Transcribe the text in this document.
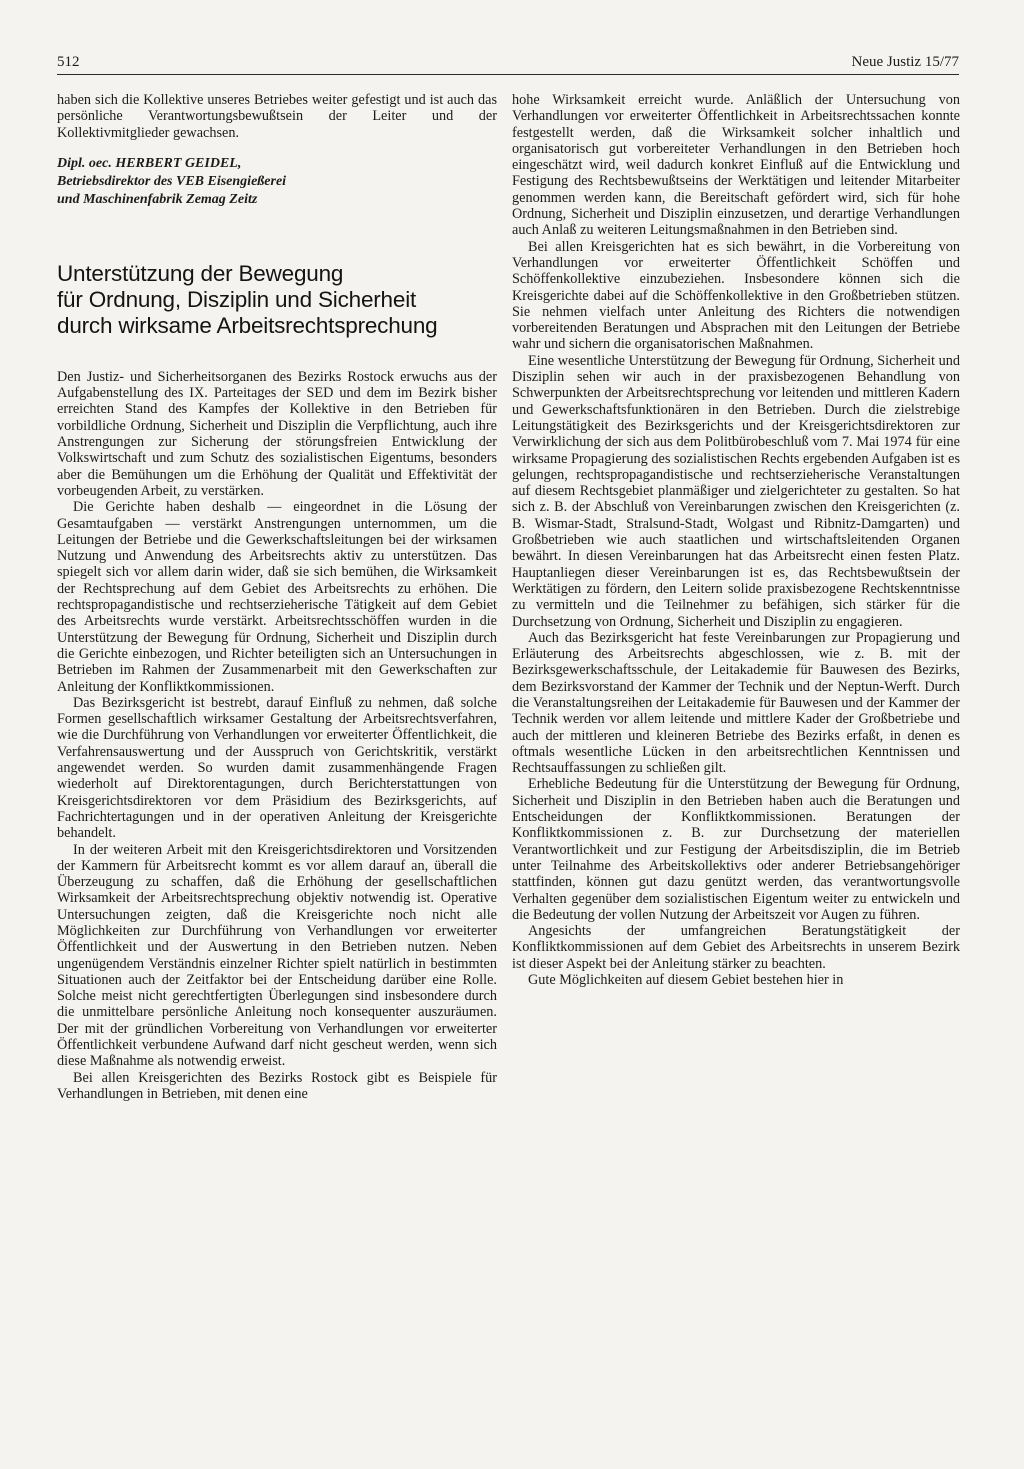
512	Neue Justiz 15/77

haben sich die Kollektive unseres Betriebes weiter gefestigt und ist auch das persönliche Verantwortungsbewußtsein der Leiter und der Kollektivmitglieder gewachsen.

Dipl. oec. HERBERT GEIDEL,
Betriebsdirektor des VEB Eisengießerei
und Maschinenfabrik Zemag Zeitz
Unterstützung der Bewegung
für Ordnung, Disziplin und Sicherheit
durch wirksame Arbeitsrechtsprechung

Den Justiz- und Sicherheitsorganen des Bezirks Rostock erwuchs aus der Aufgabenstellung des IX. Parteitages der SED und dem im Bezirk bisher erreichten Stand des Kampfes der Kollektive in den Betrieben für vorbildliche Ordnung, Sicherheit und Disziplin die Verpflichtung, auch ihre Anstrengungen zur Sicherung der störungsfreien Entwicklung der Volkswirtschaft und zum Schutz des sozialistischen Eigentums, besonders aber die Bemühungen um die Erhöhung der Qualität und Effektivität der vorbeugenden Arbeit, zu verstärken.

Die Gerichte haben deshalb — eingeordnet in die Lösung der Gesamtaufgaben — verstärkt Anstrengungen unternommen, um die Leitungen der Betriebe und die Gewerkschaftsleitungen bei der wirksamen Nutzung und Anwendung des Arbeitsrechts aktiv zu unterstützen. Das spiegelt sich vor allem darin wider, daß sie sich bemühen, die Wirksamkeit der Rechtsprechung auf dem Gebiet des Arbeitsrechts zu erhöhen. Die rechtspropagandistische und rechtserzieherische Tätigkeit auf dem Gebiet des Arbeitsrechts wurde verstärkt. Arbeitsrechtsschöffen wurden in die Unterstützung der Bewegung für Ordnung, Sicherheit und Disziplin durch die Gerichte einbezogen, und Richter beteiligten sich an Untersuchungen in Betrieben im Rahmen der Zusammenarbeit mit den Gewerkschaften zur Anleitung der Konfliktkommissionen.

Das Bezirksgericht ist bestrebt, darauf Einfluß zu nehmen, daß solche Formen gesellschaftlich wirksamer Gestaltung der Arbeitsrechtsverfahren, wie die Durchführung von Verhandlungen vor erweiterter Öffentlichkeit, die Verfahrensauswertung und der Ausspruch von Gerichtskritik, verstärkt angewendet werden. So wurden damit zusammenhängende Fragen wiederholt auf Direktorentagungen, durch Berichterstattungen von Kreisgerichtsdirektoren vor dem Präsidium des Bezirksgerichts, auf Fachrichtertagungen und in der operativen Anleitung der Kreisgerichte behandelt.

In der weiteren Arbeit mit den Kreisgerichtsdirektoren und Vorsitzenden der Kammern für Arbeitsrecht kommt es vor allem darauf an, überall die Überzeugung zu schaffen, daß die Erhöhung der gesellschaftlichen Wirksamkeit der Arbeitsrechtsprechung objektiv notwendig ist. Operative Untersuchungen zeigten, daß die Kreisgerichte noch nicht alle Möglichkeiten zur Durchführung von Verhandlungen vor erweiterter Öffentlichkeit und der Auswertung in den Betrieben nutzen. Neben ungenügendem Verständnis einzelner Richter spielt natürlich in bestimmten Situationen auch der Zeitfaktor bei der Entscheidung darüber eine Rolle. Solche meist nicht gerechtfertigten Überlegungen sind insbesondere durch die unmittelbare persönliche Anleitung noch konsequenter auszuräumen. Der mit der gründlichen Vorbereitung von Verhandlungen vor erweiterter Öffentlichkeit verbundene Aufwand darf nicht gescheut werden, wenn sich diese Maßnahme als notwendig erweist.

Bei allen Kreisgerichten des Bezirks Rostock gibt es Beispiele für Verhandlungen in Betrieben, mit denen eine

hohe Wirksamkeit erreicht wurde. Anläßlich der Untersuchung von Verhandlungen vor erweiterter Öffentlichkeit in Arbeitsrechtssachen konnte festgestellt werden, daß die Wirksamkeit solcher inhaltlich und organisatorisch gut vorbereiteter Verhandlungen in den Betrieben hoch eingeschätzt wird, weil dadurch konkret Einfluß auf die Entwicklung und Festigung des Rechtsbewußtseins der Werktätigen und leitender Mitarbeiter genommen werden kann, die Bereitschaft gefördert wird, sich für hohe Ordnung, Sicherheit und Disziplin einzusetzen, und derartige Verhandlungen auch Anlaß zu weiteren Leitungsmaßnahmen in den Betrieben sind.

Bei allen Kreisgerichten hat es sich bewährt, in die Vorbereitung von Verhandlungen vor erweiterter Öffentlichkeit Schöffen und Schöffenkollektive einzubeziehen. Insbesondere können sich die Kreisgerichte dabei auf die Schöffenkollektive in den Großbetrieben stützen. Sie nehmen vielfach unter Anleitung des Richters die notwendigen vorbereitenden Beratungen und Absprachen mit den Leitungen der Betriebe wahr und sichern die organisatorischen Maßnahmen.

Eine wesentliche Unterstützung der Bewegung für Ordnung, Sicherheit und Disziplin sehen wir auch in der praxisbezogenen Behandlung von Schwerpunkten der Arbeitsrechtsprechung vor leitenden und mittleren Kadern und Gewerkschaftsfunktionären in den Betrieben. Durch die zielstrebige Leitungstätigkeit des Bezirksgerichts und der Kreisgerichtsdirektoren zur Verwirklichung der sich aus dem Politbürobeschluß vom 7. Mai 1974 für eine wirksame Propagierung des sozialistischen Rechts ergebenden Aufgaben ist es gelungen, rechtspropagandistische und rechtserzieherische Veranstaltungen auf diesem Rechtsgebiet planmäßiger und zielgerichteter zu gestalten. So hat sich z. B. der Abschluß von Vereinbarungen zwischen den Kreisgerichten (z. B. Wismar-Stadt, Stralsund-Stadt, Wolgast und Ribnitz-Damgarten) und Großbetrieben wie auch staatlichen und wirtschaftsleitenden Organen bewährt. In diesen Vereinbarungen hat das Arbeitsrecht einen festen Platz. Hauptanliegen dieser Vereinbarungen ist es, das Rechtsbewußtsein der Werktätigen zu fördern, den Leitern solide praxisbezogene Rechtskenntnisse zu vermitteln und die Teilnehmer zu befähigen, sich stärker für die Durchsetzung von Ordnung, Sicherheit und Disziplin zu engagieren.

Auch das Bezirksgericht hat feste Vereinbarungen zur Propagierung und Erläuterung des Arbeitsrechts abgeschlossen, wie z. B. mit der Bezirksgewerkschaftsschule, der Leitakademie für Bauwesen des Bezirks, dem Bezirksvorstand der Kammer der Technik und der Neptun-Werft. Durch die Veranstaltungsreihen der Leitakademie für Bauwesen und der Kammer der Technik werden vor allem leitende und mittlere Kader der Großbetriebe und auch der mittleren und kleineren Betriebe des Bezirks erfaßt, in denen es oftmals wesentliche Lücken in den arbeitsrechtlichen Kenntnissen und Rechtsauffassungen zu schließen gilt.

Erhebliche Bedeutung für die Unterstützung der Bewegung für Ordnung, Sicherheit und Disziplin in den Betrieben haben auch die Beratungen und Entscheidungen der Konfliktkommissionen. Beratungen der Konfliktkommissionen z. B. zur Durchsetzung der materiellen Verantwortlichkeit und zur Festigung der Arbeitsdisziplin, die im Betrieb unter Teilnahme des Arbeitskollektivs oder anderer Betriebsangehöriger stattfinden, können gut dazu genützt werden, das verantwortungsvolle Verhalten gegenüber dem sozialistischen Eigentum weiter zu entwickeln und die Bedeutung der vollen Nutzung der Arbeitszeit vor Augen zu führen.

Angesichts der umfangreichen Beratungstätigkeit der Konfliktkommissionen auf dem Gebiet des Arbeitsrechts in unserem Bezirk ist dieser Aspekt bei der Anleitung stärker zu beachten.

Gute Möglichkeiten auf diesem Gebiet bestehen hier in
